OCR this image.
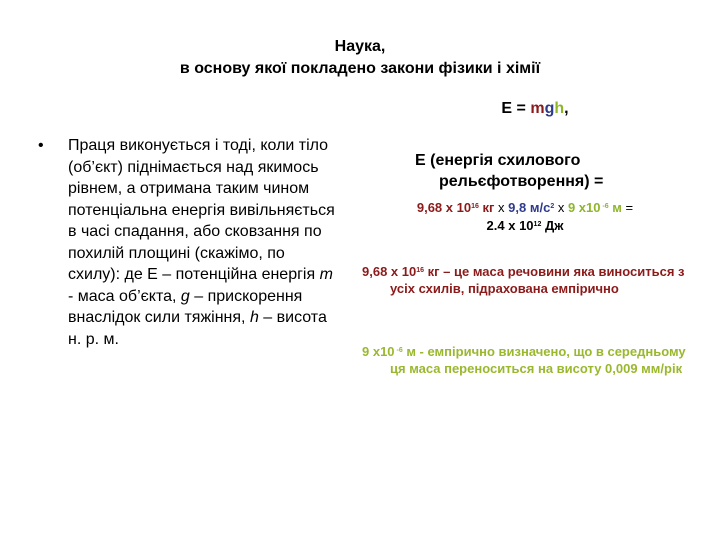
Наука,
в основу якої покладено закони фізики і хімії
• Праця виконується і тоді, коли тіло (об’єкт) піднімається над якимось рівнем, а отримана таким чином потенціальна енергія вивільняється в часі спадання, або сковзання по похилій площині (скажімо, по схилу): де Е – потенційна енергія m - маса об’єкта, g – прискорення внаслідок сили тяжіння, h – висота н. р. м.
E = mgh,
E (енергія схилового
рельєфотворення) =
9,68 x $10^{16}$ кг x 9,8 $м/с^2$ x 9 x10 $^{-6}$ м =
2.4 x $10^{12}$ Дж
9,68 x $10^{16}$ кг – це маса речовини яка виноситься з усіх схилів, підрахована емпірично
9 x10 $^{-6}$ м - емпірично визначено, що в середньому ця маса переноситься на висоту 0,009 мм/рік
